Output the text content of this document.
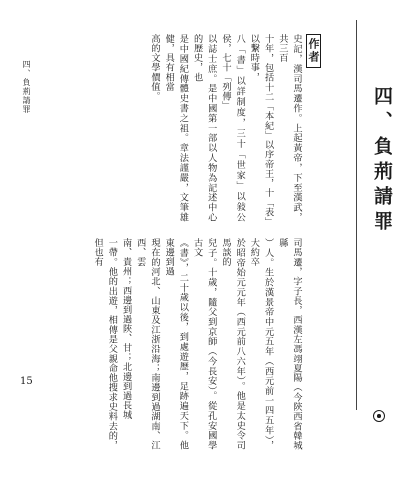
四、負荊請罪
作者
史記，漢司馬遷作。上起黃帝，下至漢武，共三百
十年，包括十二「本紀」以序帝王，十「表」以繫時事，
八「書」以詳制度，三十「世家」以敍公侯，七十「列傳」
以誌士庶。是中國第一部以人物為記述中心的歷史，也
是中國紀傳體史書之祖。章法謹嚴，文筆雄健，具有相當
高的文學價值。
司馬遷，字子長，西漢左馮翊夏陽（今陝西省韓城縣
）人。生於漢景帝中元五年（西元前一四五年），大約卒
於昭帝始元元年（西元前八六年）。他是太史令司馬談的
兒子。十歲，隨父到京師（今長安）。從孔安國學古文
《書》，二十歲以後，到處遊歷，足跡遍天下。他東邊到過
現在的河北、山東及江浙沿海；南邊到過湖南、江西、雲
南、貴州；西邊到過陝、甘；北邊到過長城
一帶。他的出遊，相傳是父親命他搜求史料去的，但也有
四、負荊請罪
15
